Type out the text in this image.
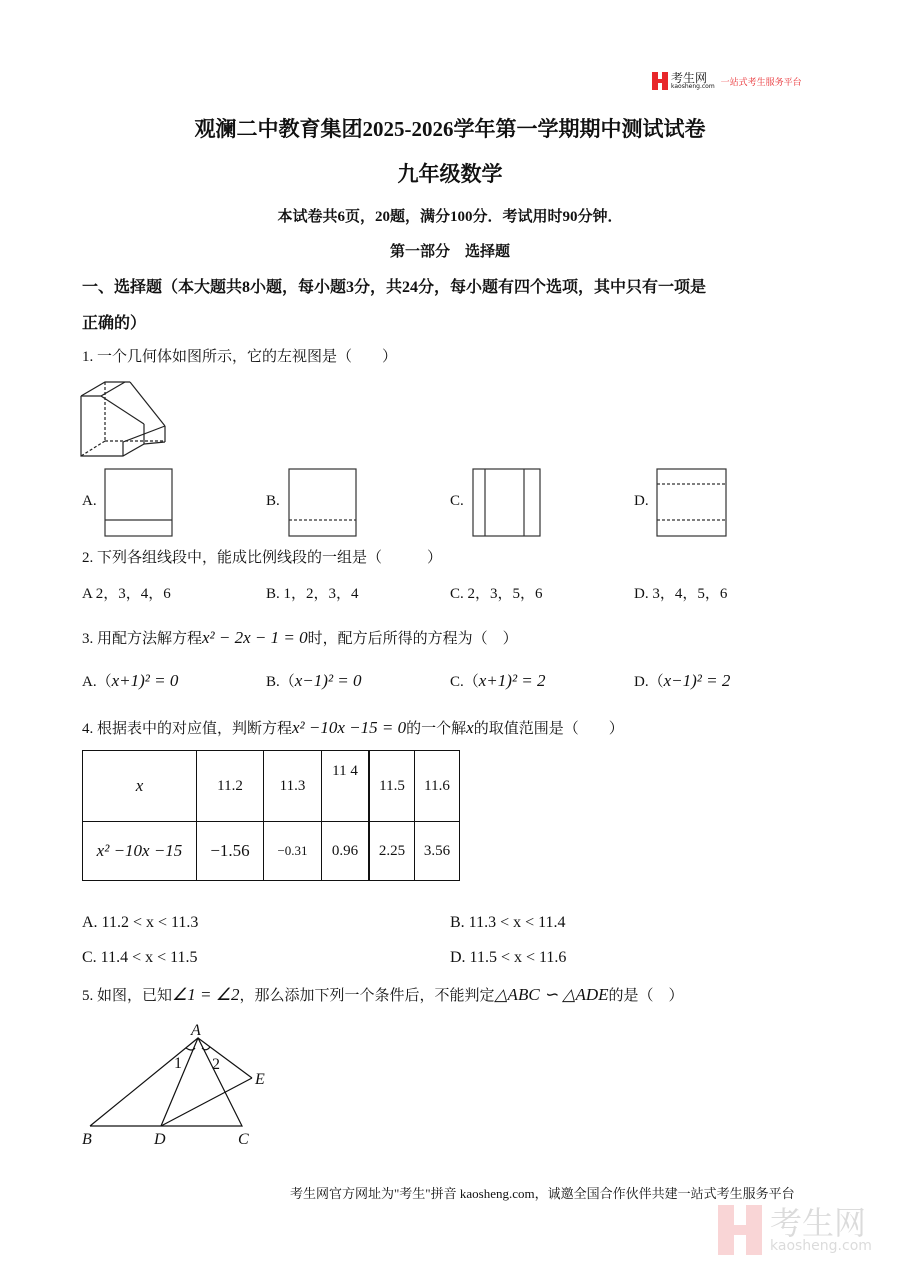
考生网
kaosheng.com 一站式考生服务平台
观澜二中教育集团2025-2026学年第一学期期中测试试卷
九年级数学
本试卷共6页，20题，满分100分．考试用时90分钟．
第一部分　选择题
一、选择题（本大题共8小题，每小题3分，共24分，每小题有四个选项，其中只有一项是
正确的）
1. 一个几何体如图所示，它的左视图是（　　）
A.	B.	C.	D.
2. 下列各组线段中，能成比例线段的一组是（　　　）
A 2，3，4，6	B. 1，2，3，4	C. 2，3，5，6	D. 3，4，5，6
3. 用配方法解方程x² − 2x − 1 = 0时，配方后所得的方程为（　）
A.（x+1)² = 0	B.（x−1)² = 0	C.（x+1)² = 2	D.（x−1)² = 2
4. 根据表中的对应值，判断方程x² −10x −15 = 0的一个解x的取值范围是（　　）
x	11.2	11.3	11 4	11.5	11.6
x² −10x −15	−1.56	−0.31	0.96	2.25	3.56
A. 11.2 < x < 11.3	B. 11.3 < x < 11.4
C. 11.4 < x < 11.5	D. 11.5 < x < 11.6
5. 如图，已知∠1 = ∠2，那么添加下列一个条件后，不能判定△ABC ∽ △ADE的是（　）
A
B	C
D
E
1 2
考生网官方网址为"考生"拼音 kaosheng.com，诚邀全国合作伙伴共建一站式考生服务平台
考生网
kaosheng.com
